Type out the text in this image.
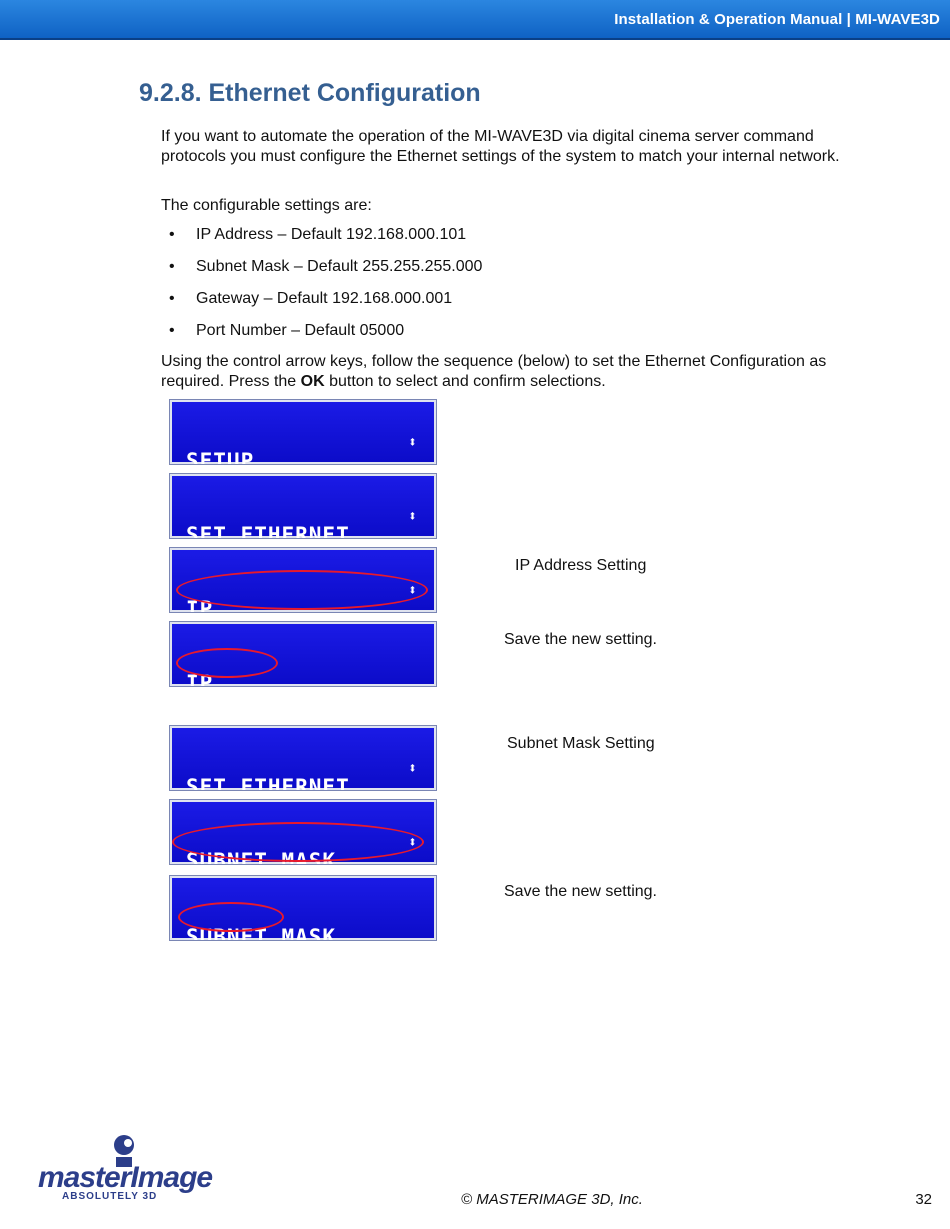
Installation & Operation Manual | MI-WAVE3D
9.2.8. Ethernet Configuration

If you want to automate the operation of the MI-WAVE3D via digital cinema server command protocols you must configure the Ethernet settings of the system to match your internal network.

The configurable settings are:

• IP Address – Default 192.168.000.101
• Subnet Mask – Default 255.255.255.000
• Gateway – Default 192.168.000.001
• Port Number – Default 05000

Using the control arrow keys, follow the sequence (below) to set the Ethernet Configuration as required. Press the OK button to select and confirm selections.

SETUP

⬍

SET ETHERNET

⬍

IP

⬍

IP
SAVE◂◂  ▸▸CANCEL

SET ETHERNET

⬍

SUBNET MASK

⬍

SUBNET MASK
SAVE◂◂  ▸▸CANCEL

IP Address Setting
Save the new setting.
Subnet Mask Setting
Save the new setting.
masterImage
ABSOLUTELY 3D	© MASTERIMAGE 3D, Inc.	32
